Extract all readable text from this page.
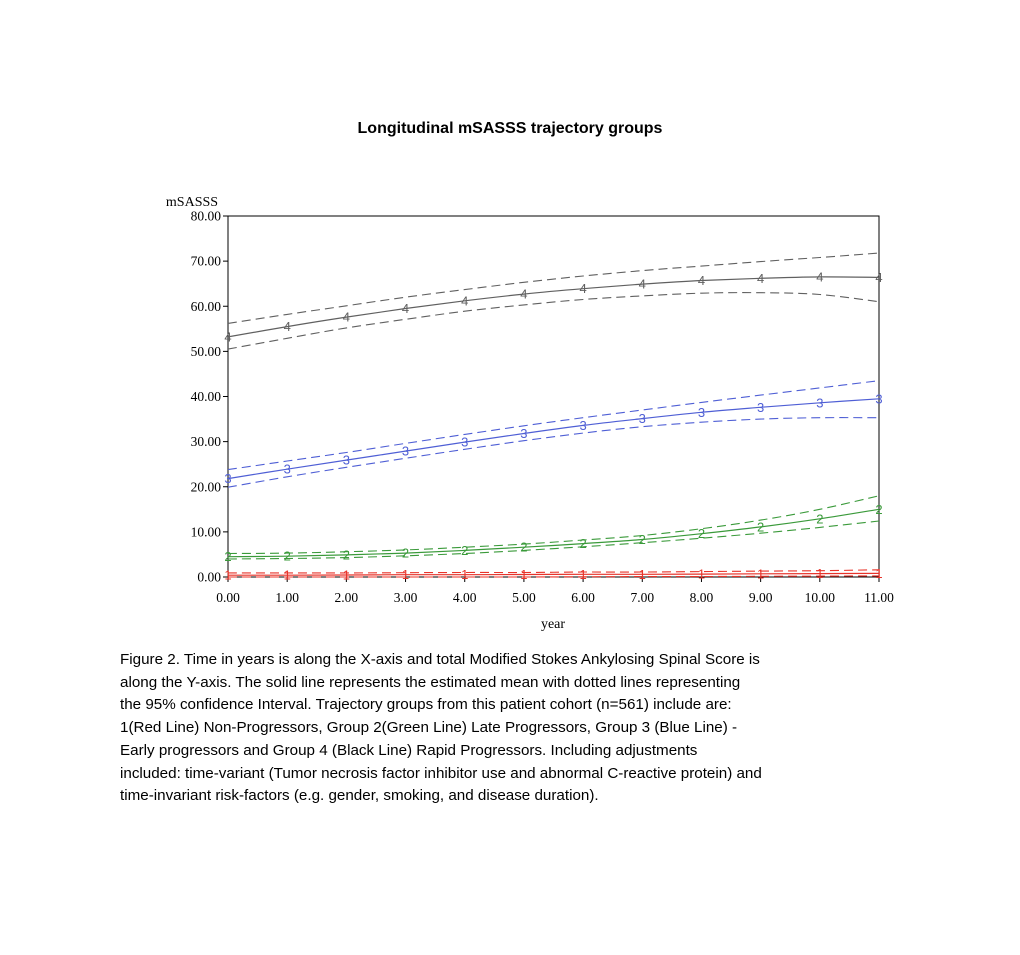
Longitudinal mSASSS trajectory groups
mSASSS
year
0.00
10.00
20.00
30.00
40.00
50.00
60.00
70.00
80.00
0.00	1.00	2.00	3.00	4.00	5.00	6.00	7.00	8.00	9.00 10.00 11.00
1	1	1	1	1	1	1	1	1	1	1	1
2	2	2	2	2	2	2	2	2	2
2
2
3
3
3
3
3
3
3	3	3	3	3	3
4
4
4
4
4	4	4	4	4	4	4	4
Figure 2. Time in years is along the X-axis and total Modified Stokes Ankylosing Spinal Score is
along the Y-axis. The solid line represents the estimated mean with dotted lines representing
the 95% confidence Interval. Trajectory groups from this patient cohort (n=561) include are:
1(Red Line) Non-Progressors, Group 2(Green Line) Late Progressors, Group 3 (Blue Line) -
Early progressors and Group 4 (Black Line) Rapid Progressors. Including adjustments
included: time-variant (Tumor necrosis factor inhibitor use and abnormal C-reactive protein) and
time-invariant risk-factors (e.g. gender, smoking, and disease duration).
